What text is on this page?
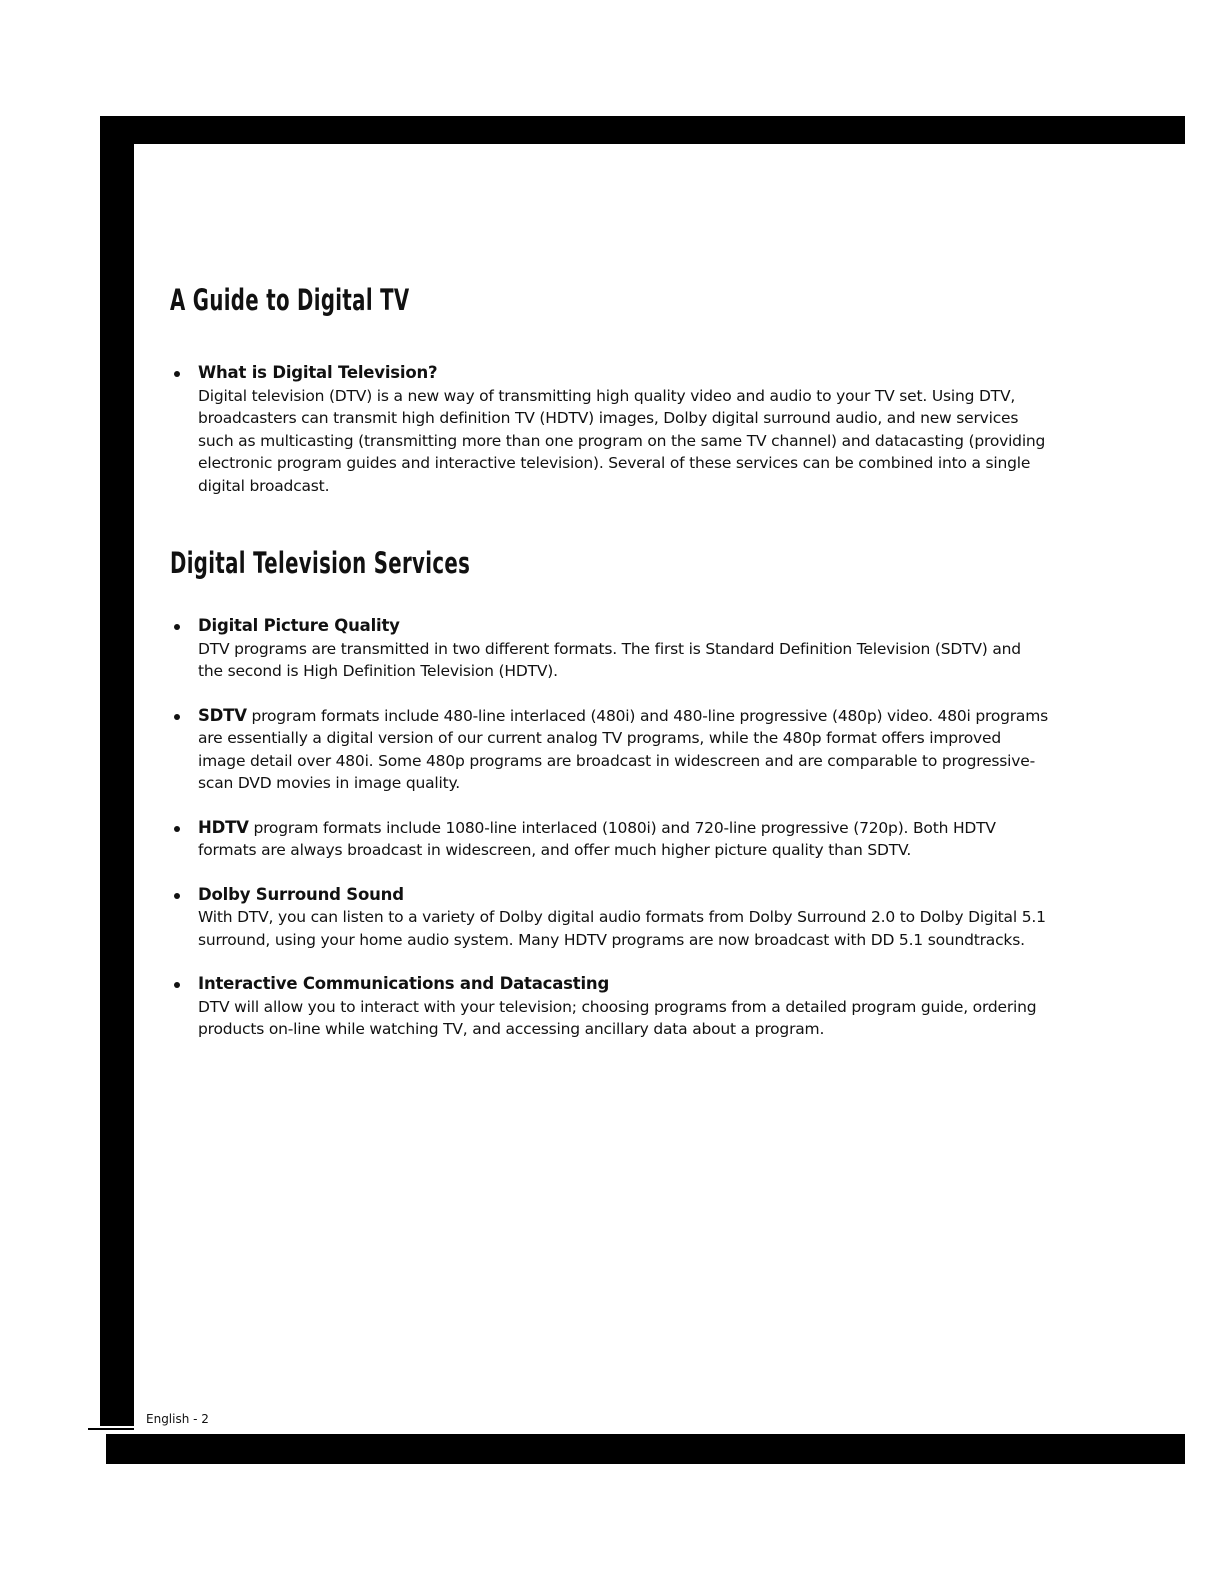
English - 2
A Guide to Digital TV
What is Digital Television?
Digital television (DTV) is a new way of transmitting high quality video and audio to your TV set. Using DTV, broadcasters can transmit high definition TV (HDTV) images, Dolby digital surround audio, and new services such as multicasting (transmitting more than one program on the same TV channel) and datacasting (providing electronic program guides and interactive television). Several of these services can be combined into a single digital broadcast.
Digital Television Services
Digital Picture Quality
DTV programs are transmitted in two different formats. The first is Standard Definition Television (SDTV) and the second is High Definition Television (HDTV).
SDTV program formats include 480-line interlaced (480i) and 480-line progressive (480p) video. 480i programs are essentially a digital version of our current analog TV programs, while the 480p format offers improved image detail over 480i. Some 480p programs are broadcast in widescreen and are comparable to progressive-scan DVD movies in image quality.
HDTV program formats include 1080-line interlaced (1080i) and 720-line progressive (720p). Both HDTV formats are always broadcast in widescreen, and offer much higher picture quality than SDTV.
Dolby Surround Sound
With DTV, you can listen to a variety of Dolby digital audio formats from Dolby Surround 2.0 to Dolby Digital 5.1 surround, using your home audio system. Many HDTV programs are now broadcast with DD 5.1 soundtracks.
Interactive Communications and Datacasting
DTV will allow you to interact with your television; choosing programs from a detailed program guide, ordering products on-line while watching TV, and accessing ancillary data about a program.
